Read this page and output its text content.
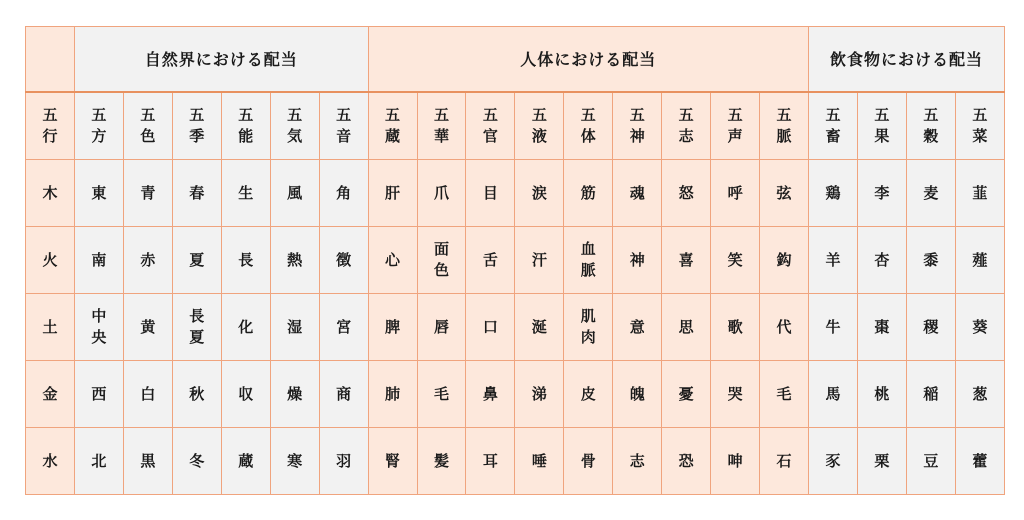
	自然界における配当						人体における配当									飲食物における配当			
五行	五方	五色	五季	五能	五気	五音	五蔵	五華	五官	五液	五体	五神	五志	五声	五脈	五畜	五果	五穀	五菜
木	東	青	春	生	風	角	肝	爪	目	涙	筋	魂	怒	呼	弦	鶏	李	麦	韮
火	南	赤	夏	長	熱	徴	心	面色	舌	汗	血脈	神	喜	笑	鈎	羊	杏	黍	薤
土	中央	黄	長夏	化	湿	宮	脾	唇	口	涎	肌肉	意	思	歌	代	牛	棗	稷	葵
金	西	白	秋	収	燥	商	肺	毛	鼻	涕	皮	魄	憂	哭	毛	馬	桃	稲	葱
水	北	黒	冬	蔵	寒	羽	腎	髪	耳	唾	骨	志	恐	呻	石	豕	栗	豆	藿
